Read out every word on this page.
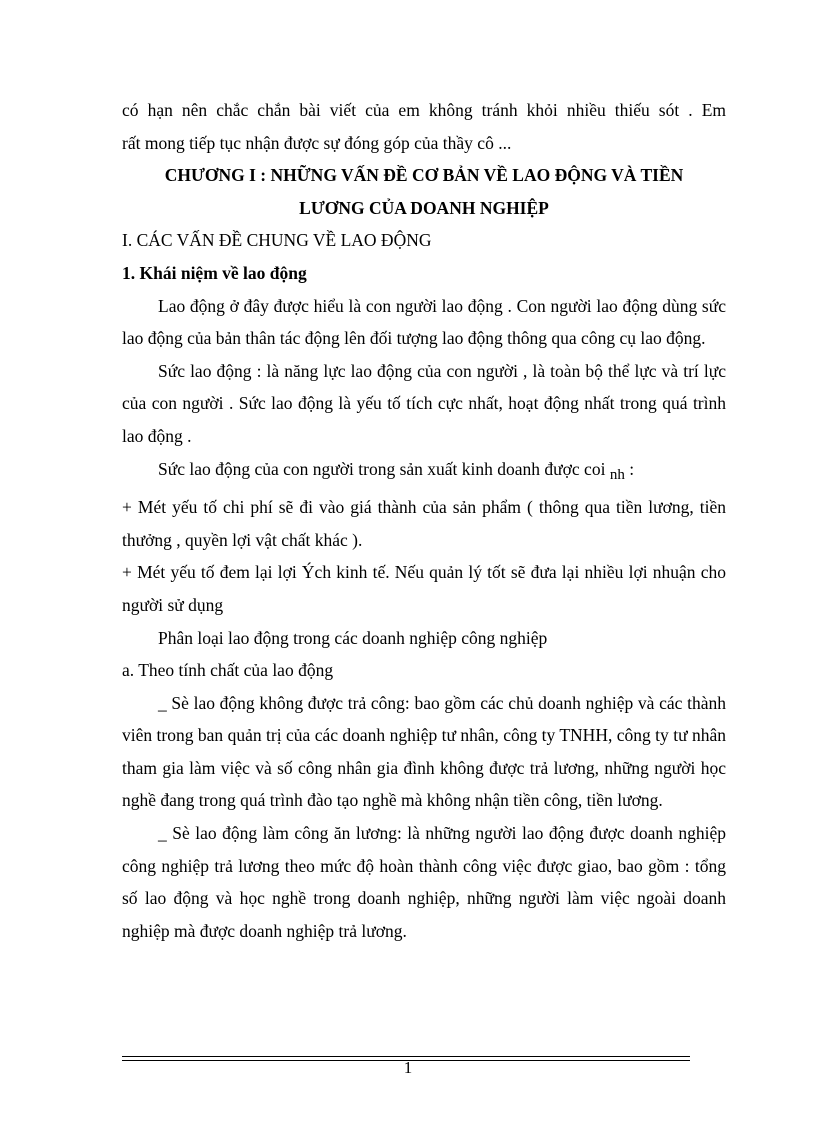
có hạn nên chắc chắn bài viết của em không tránh khỏi nhiều thiếu sót . Em

rất mong tiếp tục nhận được sự đóng góp của thầy cô ...

CHƯƠNG I : NHỮNG VẤN ĐỀ CƠ BẢN VỀ LAO ĐỘNG VÀ TIỀN

LƯƠNG CỦA DOANH NGHIỆP

I. CÁC VẤN ĐỀ CHUNG VỀ LAO ĐỘNG

1. Khái niệm về lao động

Lao động ở đây được hiểu là con người lao động . Con người lao động dùng sức lao động của bản thân tác động lên đối tượng lao động thông qua công cụ lao động.

Sức lao động : là năng lực lao động của con người , là toàn bộ thể lực và trí lực của con người . Sức lao động là yếu tố tích cực nhất, hoạt động nhất trong quá trình lao động .

Sức lao động của con người trong sản xuất kinh doanh được coi nh :

+ Mét yếu tố chi phí sẽ đi vào giá thành của sản phẩm ( thông qua tiền lương, tiền thưởng , quyền lợi vật chất khác ).

+ Mét yếu tố đem lại lợi Ých kinh tế. Nếu quản lý tốt sẽ đưa lại nhiều lợi nhuận cho người sử dụng

Phân loại lao động trong các doanh nghiệp công nghiệp

a. Theo tính chất của lao động

_ Sè lao động không được trả công: bao gồm các chủ doanh nghiệp và các thành viên trong ban quản trị của các doanh nghiệp tư nhân, công ty TNHH, công ty tư nhân tham gia làm việc và số công nhân gia đình không được trả lương, những người học nghề đang trong quá trình đào tạo nghề mà không nhận tiền công, tiền lương.

_ Sè lao động làm công ăn lương: là những người lao động được doanh nghiệp công nghiệp trả lương theo mức độ hoàn thành công việc được giao, bao gồm : tổng số lao động và học nghề trong doanh nghiệp, những người làm việc ngoài doanh nghiệp mà được doanh nghiệp trả lương.

1
